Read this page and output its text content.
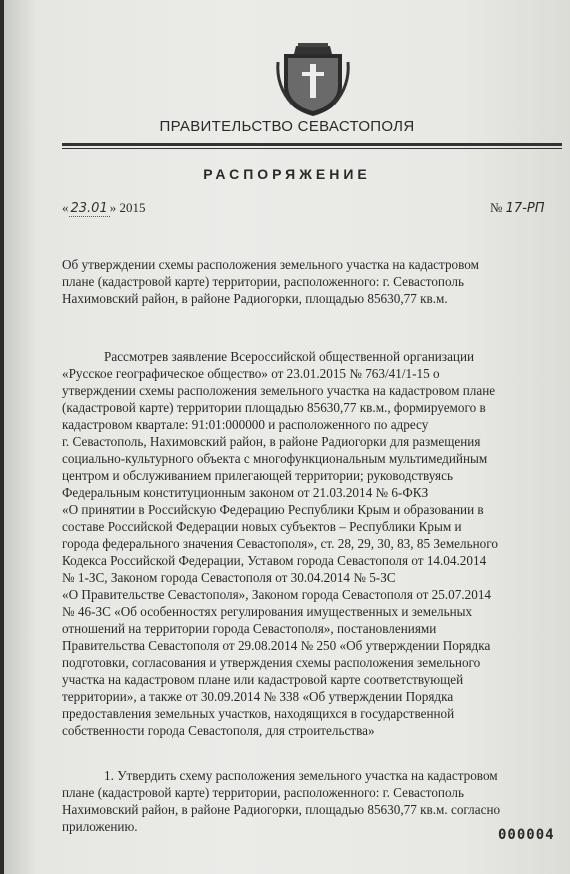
ПРАВИТЕЛЬСТВО СЕВАСТОПОЛЯ
РАСПОРЯЖЕНИЕ
« 23.01 » 2015	№ 17-РП
Об утверждении схемы расположения земельного участка на кадастровом
плане (кадастровой карте) территории, расположенного: г. Севастополь
Нахимовский район, в районе Радиогорки, площадью 85630,77 кв.м.
Рассмотрев заявление Всероссийской общественной организации
«Русское географическое общество» от 23.01.2015 № 763/41/1-15 о
утверждении схемы расположения земельного участка на кадастровом плане
(кадастровой карте) территории площадью 85630,77 кв.м., формируемого в
кадастровом квартале: 91:01:000000 и расположенного по адресу
г. Севастополь, Нахимовский район, в районе Радиогорки для размещения
социально-культурного объекта с многофункциональным мультимедийным
центром и обслуживанием прилегающей территории; руководствуясь
Федеральным конституционным законом от 21.03.2014 № 6-ФКЗ
«О принятии в Российскую Федерацию Республики Крым и образовании в
составе Российской Федерации новых субъектов – Республики Крым и
города федерального значения Севастополя», ст. 28, 29, 30, 83, 85 Земельного
Кодекса Российской Федерации, Уставом города Севастополя от 14.04.2014
№ 1-ЗС, Законом города Севастополя от 30.04.2014 № 5-ЗС
«О Правительстве Севастополя», Законом города Севастополя от 25.07.2014
№ 46-ЗС «Об особенностях регулирования имущественных и земельных
отношений на территории города Севастополя», постановлениями
Правительства Севастополя от 29.08.2014 № 250 «Об утверждении Порядка
подготовки, согласования и утверждения схемы расположения земельного
участка на кадастровом плане или кадастровой карте соответствующей
территории», а также от 30.09.2014 № 338 «Об утверждении Порядка
предоставления земельных участков, находящихся в государственной
собственности города Севастополя, для строительства»
1. Утвердить схему расположения земельного участка на кадастровом
плане (кадастровой карте) территории, расположенного: г. Севастополь
Нахимовский район, в районе Радиогорки, площадью 85630,77 кв.м. согласно
приложению.
000004
